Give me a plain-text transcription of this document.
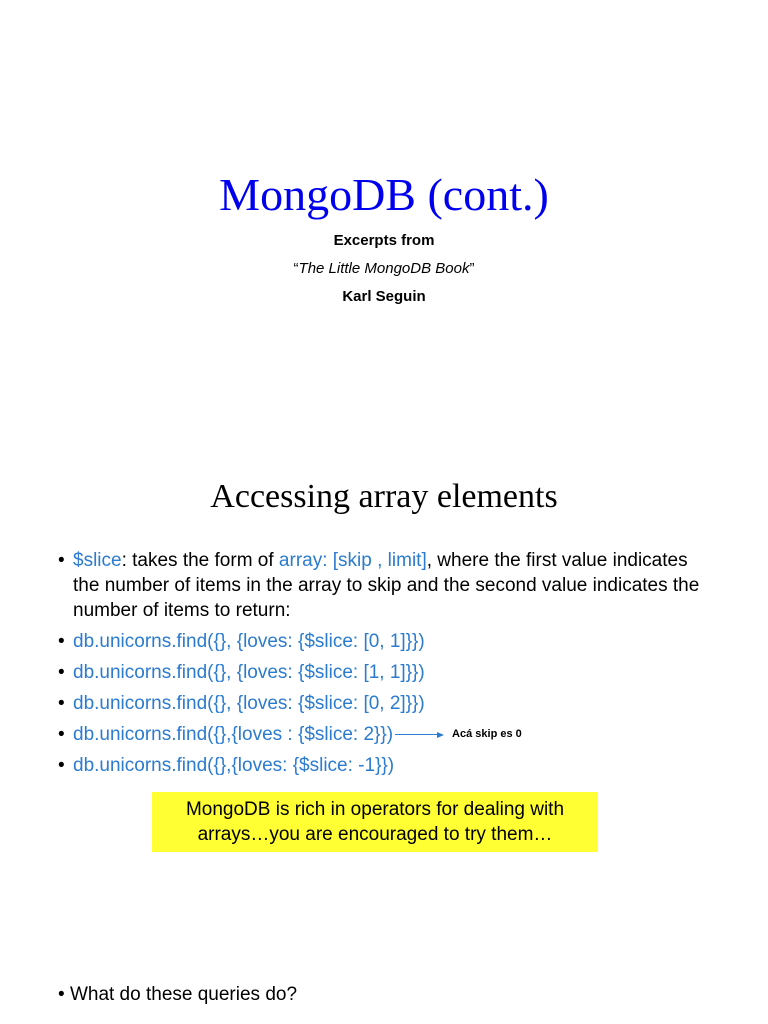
MongoDB (cont.)
Excerpts from
“The Little MongoDB Book”
Karl Seguin
Accessing array elements
• $slice: takes the form of array: [skip , limit], where the first value indicates the number of items in the array to skip and the second value indicates the number of items to return:
• db.unicorns.find({}, {loves: {$slice: [0, 1]}})
• db.unicorns.find({}, {loves: {$slice: [1, 1]}})
• db.unicorns.find({}, {loves: {$slice: [0, 2]}})
• db.unicorns.find({},{loves : {$slice: 2}})	Acá skip es 0
• db.unicorns.find({},{loves: {$slice: -1}})
MongoDB is rich in operators for dealing with arrays…you are encouraged to try them…
• What do these queries do?
